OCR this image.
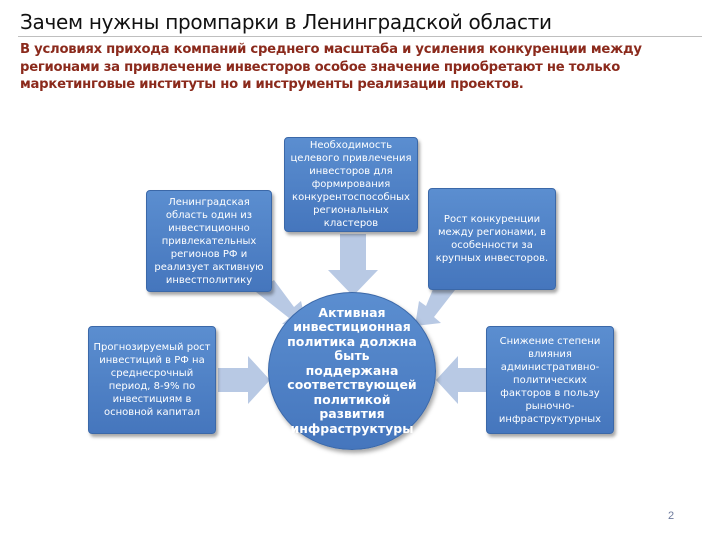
Зачем нужны промпарки в Ленинградской области
В условиях прихода компаний среднего масштаба и усиления конкуренции между регионами за привлечение инвесторов особое значение приобретают не только маркетинговые институты но и инструменты реализации проектов.
Необходимость целевого привлечения инвесторов для формирования конкурентоспособных региональных кластеров
Ленинградская область один из инвестиционно привлекательных регионов РФ и реализует активную инвестполитику
Рост конкуренции между регионами, в особенности за крупных инвесторов.
Прогнозируемый рост инвестиций в РФ на среднесрочный период, 8-9% по инвестициям в основной капитал
Снижение степени влияния административно-политических факторов в пользу рыночно-инфраструктурных
Активная инвестиционная политика должна быть поддержана соответствующей политикой развития инфраструктуры
2
